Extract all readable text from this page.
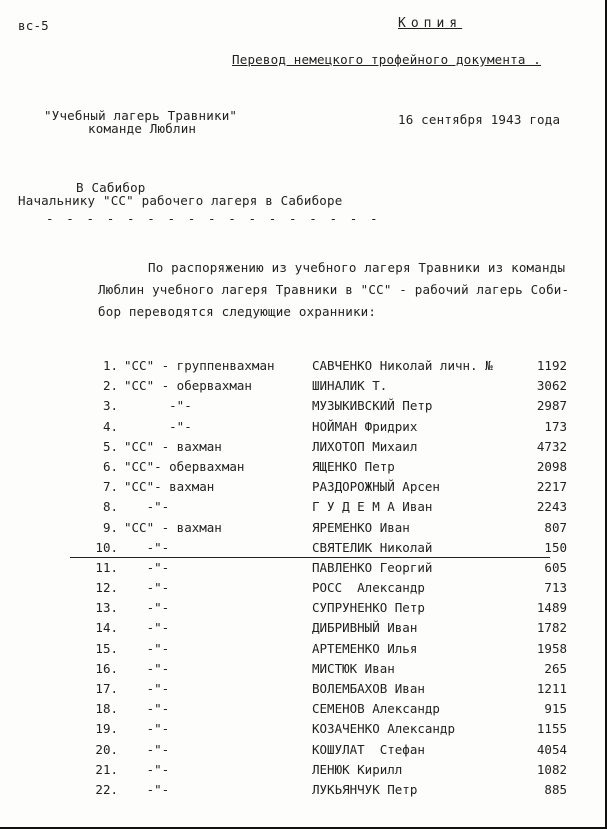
вс-5	Копия
Перевод немецкого трофейного документа .
"Учебный лагерь Травники"
команде Люблин
16 сентября 1943 года
В Сабибор
Начальнику "СС" рабочего лагеря в Сабиборе
- - - - - - - - - - - - - - - - -
По распоряжению из учебного лагеря Травники из команды
Люблин учебного лагеря Травники в "СС" - рабочий лагерь Соби-
бор переводятся следующие охранники:
1. "СС" - группенвахман	САВЧЕНКО Николай личн. №	1192
2. "СС" - обервахман	ШИНАЛИК Т.	3062
3. -"-	МУЗЫКИВСКИЙ Петр	2987
4. -"-	НОЙМАН Фридрих	173
5. "СС" - вахман	ЛИХОТОП Михаил	4732
6. "СС"- обервахман	ЯЩЕНКО Петр	2098
7. "СС"- вахман	РАЗДОРОЖНЫЙ Арсен	2217
8. -"-	Г У Д Е М А Иван	2243
9. "СС" - вахман	ЯРЕМЕНКО Иван	807
10. -"-	СВЯТЕЛИК Николай	150
11. -"-	ПАВЛЕНКО Георгий	605
12. -"-	РОСС  Александр	713
13. -"-	СУПРУНЕНКО Петр	1489
14. -"-	ДИБРИВНЫЙ Иван	1782
15. -"-	АРТЕМЕНКО Илья	1958
16. -"-	МИСТЮК Иван	265
17. -"-	ВОЛЕМБАХОВ Иван	1211
18. -"-	СЕМЕНОВ Александр	915
19. -"-	КОЗАЧЕНКО Александр	1155
20. -"-	КОШУЛАТ  Стефан	4054
21. -"-	ЛЕНЮК Кирилл	1082
22. -"-	ЛУКЬЯНЧУК Петр	885
